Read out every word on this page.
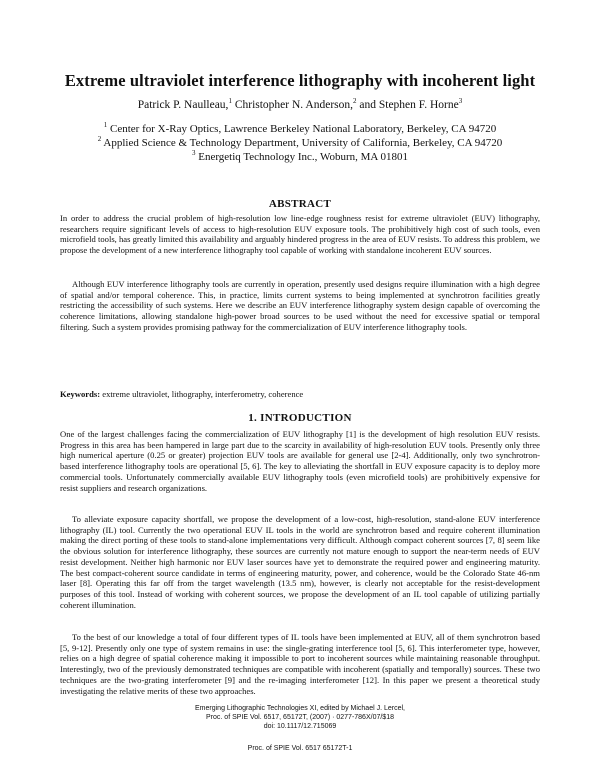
Extreme ultraviolet interference lithography with incoherent light
Patrick P. Naulleau,$^1$ Christopher N. Anderson,$^2$ and Stephen F. Horne$^3$
$^1$ Center for X-Ray Optics, Lawrence Berkeley National Laboratory, Berkeley, CA 94720
$^2$ Applied Science & Technology Department, University of California, Berkeley, CA 94720
$^3$ Energetiq Technology Inc., Woburn, MA 01801
ABSTRACT

In order to address the crucial problem of high-resolution low line-edge roughness resist for extreme ultraviolet (EUV) lithography, researchers require significant levels of access to high-resolution EUV exposure tools. The prohibitively high cost of such tools, even microfield tools, has greatly limited this availability and arguably hindered progress in the area of EUV resists. To address this problem, we propose the development of a new interference lithography tool capable of working with standalone incoherent EUV sources.

Although EUV interference lithography tools are currently in operation, presently used designs require illumination with a high degree of spatial and/or temporal coherence. This, in practice, limits current systems to being implemented at synchrotron facilities greatly restricting the accessibility of such systems. Here we describe an EUV interference lithography system design capable of overcoming the coherence limitations, allowing standalone high-power broad sources to be used without the need for excessive spatial or temporal filtering. Such a system provides promising pathway for the commercialization of EUV interference lithography tools.

Keywords: extreme ultraviolet, lithography, interferometry, coherence
1. INTRODUCTION

One of the largest challenges facing the commercialization of EUV lithography [1] is the development of high resolution EUV resists. Progress in this area has been hampered in large part due to the scarcity in availability of high-resolution EUV tools. Presently only three high numerical aperture (0.25 or greater) projection EUV tools are available for general use [2-4]. Additionally, only two synchrotron-based interference lithography tools are operational [5, 6]. The key to alleviating the shortfall in EUV exposure capacity is to deploy more commercial tools. Unfortunately commercially available EUV lithography tools (even microfield tools) are prohibitively expensive for resist suppliers and research organizations.

To alleviate exposure capacity shortfall, we propose the development of a low-cost, high-resolution, stand-alone EUV interference lithography (IL) tool. Currently the two operational EUV IL tools in the world are synchrotron based and require coherent illumination making the direct porting of these tools to stand-alone implementations very difficult. Although compact coherent sources [7, 8] seem like the obvious solution for interference lithography, these sources are currently not mature enough to support the near-term needs of EUV resist development. Neither high harmonic nor EUV laser sources have yet to demonstrate the required power and engineering maturity. The best compact-coherent source candidate in terms of engineering maturity, power, and coherence, would be the Colorado State 46-nm laser [8]. Operating this far off from the target wavelength (13.5 nm), however, is clearly not acceptable for the resist-development purposes of this tool. Instead of working with coherent sources, we propose the development of an IL tool capable of utilizing partially coherent illumination.

To the best of our knowledge a total of four different types of IL tools have been implemented at EUV, all of them synchrotron based [5, 9-12]. Presently only one type of system remains in use: the single-grating interference tool [5, 6]. This interferometer type, however, relies on a high degree of spatial coherence making it impossible to port to incoherent sources while maintaining reasonable throughput. Interestingly, two of the previously demonstrated techniques are compatible with incoherent (spatially and temporally) sources. These two techniques are the two-grating interferometer [9] and the re-imaging interferometer [12]. In this paper we present a theoretical study investigating the relative merits of these two approaches.

Emerging Lithographic Technologies XI, edited by Michael J. Lercel,
Proc. of SPIE Vol. 6517, 65172T, (2007) · 0277-786X/07/$18
doi: 10.1117/12.715069
Proc. of SPIE Vol. 6517 65172T-1
